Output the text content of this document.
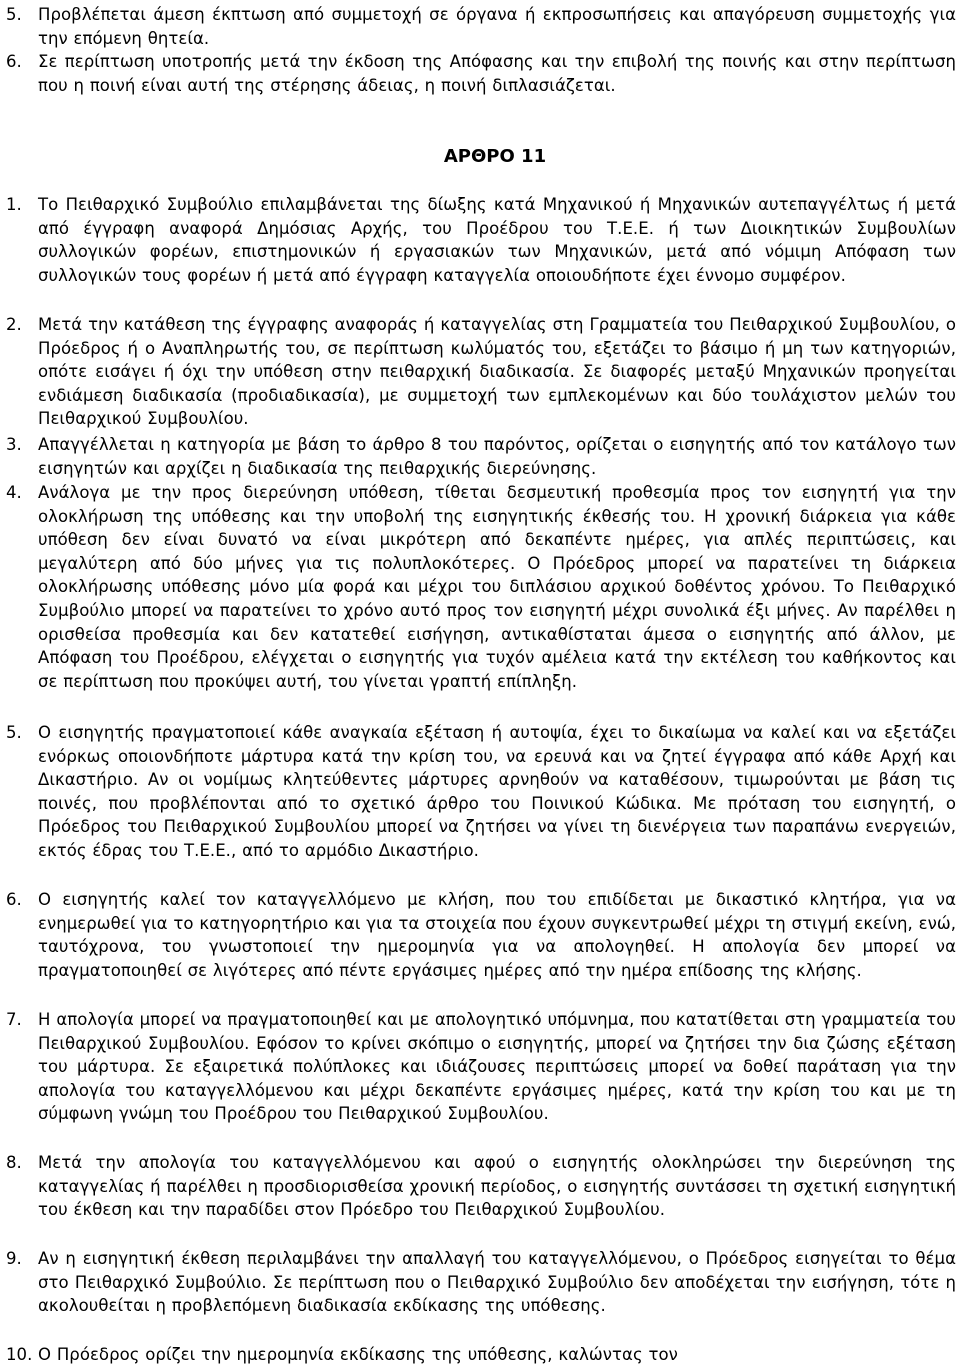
5. Προβλέπεται άμεση έκπτωση από συμμετοχή σε όργανα ή εκπροσωπήσεις και απαγόρευση συμμετοχής για την επόμενη θητεία.
6. Σε περίπτωση υποτροπής μετά την έκδοση της Απόφασης και την επιβολή της ποινής και στην περίπτωση που η ποινή είναι αυτή της στέρησης άδειας, η ποινή διπλασιάζεται.
ΑΡΘΡΟ 11
1. Το Πειθαρχικό Συμβούλιο επιλαμβάνεται της δίωξης κατά Μηχανικού ή Μηχανικών αυτεπαγγέλτως ή μετά από έγγραφη αναφορά Δημόσιας Αρχής, του Προέδρου του Τ.Ε.Ε. ή των Διοικητικών Συμβουλίων συλλογικών φορέων, επιστημονικών ή εργασιακών των Μηχανικών, μετά από νόμιμη Απόφαση των συλλογικών τους φορέων ή μετά από έγγραφη καταγγελία οποιουδήποτε έχει έννομο συμφέρον.
2. Μετά την κατάθεση της έγγραφης αναφοράς ή καταγγελίας στη Γραμματεία του Πειθαρχικού Συμβουλίου, ο Πρόεδρος ή ο Αναπληρωτής του, σε περίπτωση κωλύματός του, εξετάζει το βάσιμο ή μη των κατηγοριών, οπότε εισάγει ή όχι την υπόθεση στην πειθαρχική διαδικασία. Σε διαφορές μεταξύ Μηχανικών προηγείται ενδιάμεση διαδικασία (προδιαδικασία), με συμμετοχή των εμπλεκομένων και δύο τουλάχιστον μελών του Πειθαρχικού Συμβουλίου.
3. Απαγγέλλεται η κατηγορία με βάση το άρθρο 8 του παρόντος, ορίζεται ο εισηγητής από τον κατάλογο των εισηγητών και αρχίζει η διαδικασία της πειθαρχικής διερεύνησης.
4. Ανάλογα με την προς διερεύνηση υπόθεση, τίθεται δεσμευτική προθεσμία προς τον εισηγητή για την ολοκλήρωση της υπόθεσης και την υποβολή της εισηγητικής έκθεσής του. Η χρονική διάρκεια για κάθε υπόθεση δεν είναι δυνατό να είναι μικρότερη από δεκαπέντε ημέρες, για απλές περιπτώσεις, και μεγαλύτερη από δύο μήνες για τις πολυπλοκότερες. Ο Πρόεδρος μπορεί να παρατείνει τη διάρκεια ολοκλήρωσης υπόθεσης μόνο μία φορά και μέχρι του διπλάσιου αρχικού δοθέντος χρόνου. Το Πειθαρχικό Συμβούλιο μπορεί να παρατείνει το χρόνο αυτό προς τον εισηγητή μέχρι συνολικά έξι μήνες. Αν παρέλθει η ορισθείσα προθεσμία και δεν κατατεθεί εισήγηση, αντικαθίσταται άμεσα ο εισηγητής από άλλον, με Απόφαση του Προέδρου, ελέγχεται ο εισηγητής για τυχόν αμέλεια κατά την εκτέλεση του καθήκοντος και σε περίπτωση που προκύψει αυτή, του γίνεται γραπτή επίπληξη.
5. Ο εισηγητής πραγματοποιεί κάθε αναγκαία εξέταση ή αυτοψία, έχει το δικαίωμα να καλεί και να εξετάζει ενόρκως οποιονδήποτε μάρτυρα κατά την κρίση του, να ερευνά και να ζητεί έγγραφα από κάθε Αρχή και Δικαστήριο. Αν οι νομίμως κλητεύθεντες μάρτυρες αρνηθούν να καταθέσουν, τιμωρούνται με βάση τις ποινές, που προβλέπονται από το σχετικό άρθρο του Ποινικού Κώδικα. Με πρόταση του εισηγητή, ο Πρόεδρος του Πειθαρχικού Συμβουλίου μπορεί να ζητήσει να γίνει τη διενέργεια των παραπάνω ενεργειών, εκτός έδρας του Τ.Ε.Ε., από το αρμόδιο Δικαστήριο.
6. Ο εισηγητής καλεί τον καταγγελλόμενο με κλήση, που του επιδίδεται με δικαστικό κλητήρα, για να ενημερωθεί για το κατηγορητήριο και για τα στοιχεία που έχουν συγκεντρωθεί μέχρι τη στιγμή εκείνη, ενώ, ταυτόχρονα, του γνωστοποιεί την ημερομηνία για να απολογηθεί. Η απολογία δεν μπορεί να πραγματοποιηθεί σε λιγότερες από πέντε εργάσιμες ημέρες από την ημέρα επίδοσης της κλήσης.
7. Η απολογία μπορεί να πραγματοποιηθεί και με απολογητικό υπόμνημα, που κατατίθεται στη γραμματεία του Πειθαρχικού Συμβουλίου. Εφόσον το κρίνει σκόπιμο ο εισηγητής, μπορεί να ζητήσει την δια ζώσης εξέταση του μάρτυρα. Σε εξαιρετικά πολύπλοκες και ιδιάζουσες περιπτώσεις μπορεί να δοθεί παράταση για την απολογία του καταγγελλόμενου και μέχρι δεκαπέντε εργάσιμες ημέρες, κατά την κρίση του και με τη σύμφωνη γνώμη του Προέδρου του Πειθαρχικού Συμβουλίου.
8. Μετά την απολογία του καταγγελλόμενου και αφού ο εισηγητής ολοκληρώσει την διερεύνηση της καταγγελίας ή παρέλθει η προσδιορισθείσα χρονική περίοδος, ο εισηγητής συντάσσει τη σχετική εισηγητική του έκθεση και την παραδίδει στον Πρόεδρο του Πειθαρχικού Συμβουλίου.
9. Αν η εισηγητική έκθεση περιλαμβάνει την απαλλαγή του καταγγελλόμενου, ο Πρόεδρος εισηγείται το θέμα στο Πειθαρχικό Συμβούλιο. Σε περίπτωση που ο Πειθαρχικό Συμβούλιο δεν αποδέχεται την εισήγηση, τότε η ακολουθείται η προβλεπόμενη διαδικασία εκδίκασης της υπόθεσης.
10. Ο Πρόεδρος ορίζει την ημερομηνία εκδίκασης της υπόθεσης, καλώντας τον
